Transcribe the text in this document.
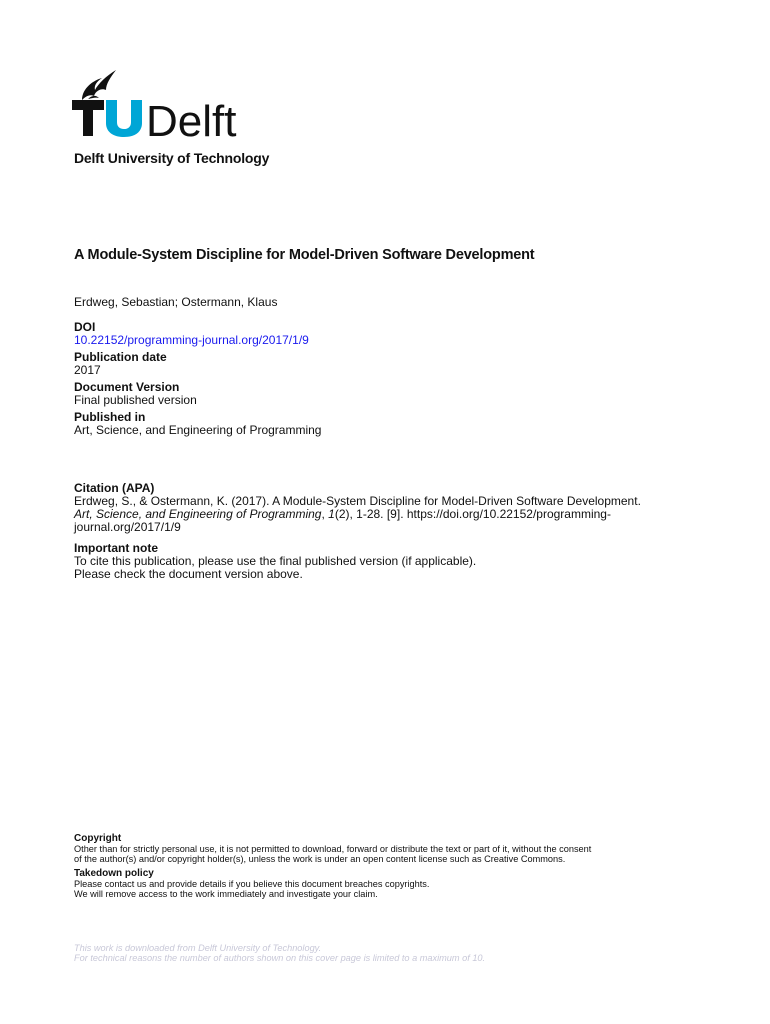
Delft
Delft University of Technology
A Module-System Discipline for Model-Driven Software Development
Erdweg, Sebastian; Ostermann, Klaus
DOI
10.22152/programming-journal.org/2017/1/9
Publication date
2017
Document Version
Final published version
Published in
Art, Science, and Engineering of Programming
Citation (APA)
Erdweg, S., & Ostermann, K. (2017). A Module-System Discipline for Model-Driven Software Development.
Art, Science, and Engineering of Programming, 1(2), 1-28. [9]. https://doi.org/10.22152/programming-
journal.org/2017/1/9
Important note
To cite this publication, please use the final published version (if applicable).
Please check the document version above.
Copyright
Other than for strictly personal use, it is not permitted to download, forward or distribute the text or part of it, without the consent
of the author(s) and/or copyright holder(s), unless the work is under an open content license such as Creative Commons.
Takedown policy
Please contact us and provide details if you believe this document breaches copyrights.
We will remove access to the work immediately and investigate your claim.
This work is downloaded from Delft University of Technology.
For technical reasons the number of authors shown on this cover page is limited to a maximum of 10.
